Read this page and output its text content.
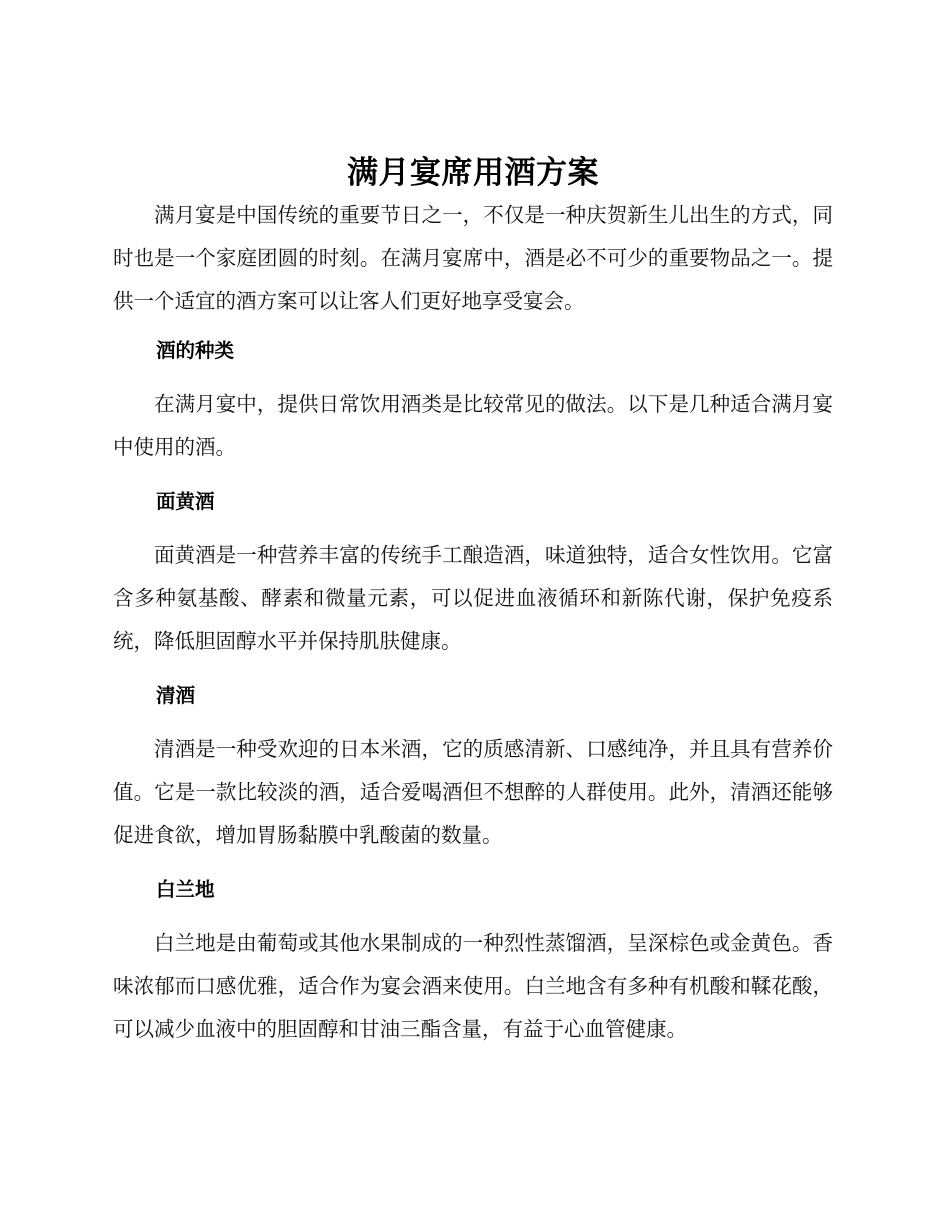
满月宴席用酒方案

满月宴是中国传统的重要节日之一，不仅是一种庆贺新生儿出生的方式，同时也是一个家庭团圆的时刻。在满月宴席中，酒是必不可少的重要物品之一。提供一个适宜的酒方案可以让客人们更好地享受宴会。

酒的种类

在满月宴中，提供日常饮用酒类是比较常见的做法。以下是几种适合满月宴中使用的酒。

面黄酒

面黄酒是一种营养丰富的传统手工酿造酒，味道独特，适合女性饮用。它富含多种氨基酸、酵素和微量元素，可以促进血液循环和新陈代谢，保护免疫系统，降低胆固醇水平并保持肌肤健康。

清酒

清酒是一种受欢迎的日本米酒，它的质感清新、口感纯净，并且具有营养价值。它是一款比较淡的酒，适合爱喝酒但不想醉的人群使用。此外，清酒还能够促进食欲，增加胃肠黏膜中乳酸菌的数量。

白兰地

白兰地是由葡萄或其他水果制成的一种烈性蒸馏酒，呈深棕色或金黄色。香味浓郁而口感优雅，适合作为宴会酒来使用。白兰地含有多种有机酸和鞣花酸，可以减少血液中的胆固醇和甘油三酯含量，有益于心血管健康。
